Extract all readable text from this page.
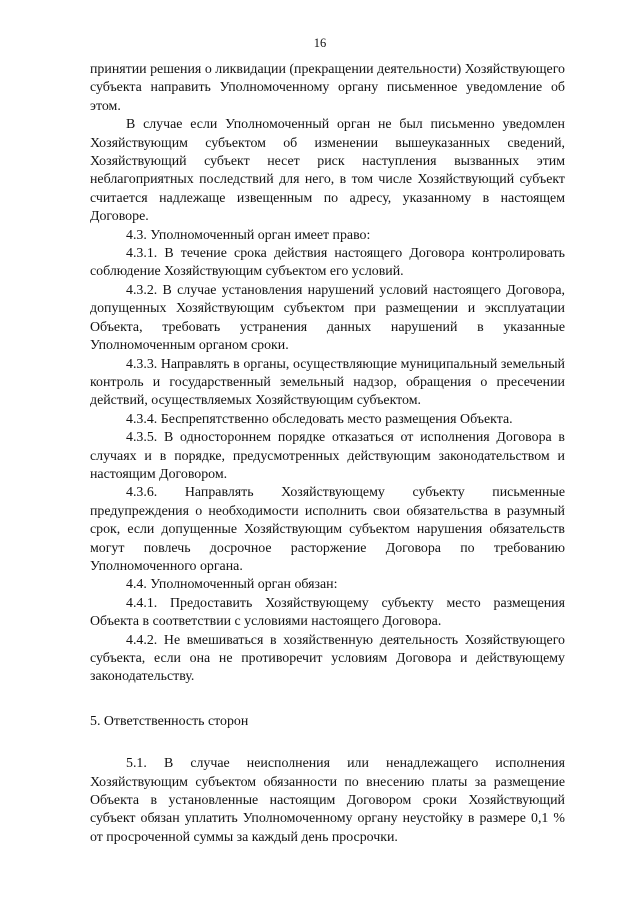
16

принятии решения о ликвидации (прекращении деятельности) Хозяйствующего субъекта направить Уполномоченному органу письменное уведомление об этом.

В случае если Уполномоченный орган не был письменно уведомлен Хозяйствующим субъектом об изменении вышеуказанных сведений, Хозяйствующий субъект несет риск наступления вызванных этим неблагоприятных последствий для него, в том числе Хозяйствующий субъект считается надлежаще извещенным по адресу, указанному в настоящем Договоре.

4.3. Уполномоченный орган имеет право:

4.3.1. В течение срока действия настоящего Договора контролировать соблюдение Хозяйствующим субъектом его условий.

4.3.2. В случае установления нарушений условий настоящего Договора, допущенных Хозяйствующим субъектом при размещении и эксплуатации Объекта, требовать устранения данных нарушений в указанные Уполномоченным органом сроки.

4.3.3. Направлять в органы, осуществляющие муниципальный земельный контроль и государственный земельный надзор, обращения о пресечении действий, осуществляемых Хозяйствующим субъектом.

4.3.4. Беспрепятственно обследовать место размещения Объекта.

4.3.5. В одностороннем порядке отказаться от исполнения Договора в случаях и в порядке, предусмотренных действующим законодательством и настоящим Договором.

4.3.6. Направлять Хозяйствующему субъекту письменные предупреждения о необходимости исполнить свои обязательства в разумный срок, если допущенные Хозяйствующим субъектом нарушения обязательств могут повлечь досрочное расторжение Договора по требованию Уполномоченного органа.

4.4. Уполномоченный орган обязан:

4.4.1. Предоставить Хозяйствующему субъекту место размещения Объекта в соответствии с условиями настоящего Договора.

4.4.2. Не вмешиваться в хозяйственную деятельность Хозяйствующего субъекта, если она не противоречит условиям Договора и действующему законодательству.

5. Ответственность сторон

5.1. В случае неисполнения или ненадлежащего исполнения Хозяйствующим субъектом обязанности по внесению платы за размещение Объекта в установленные настоящим Договором сроки Хозяйствующий субъект обязан уплатить Уполномоченному органу неустойку в размере 0,1 % от просроченной суммы за каждый день просрочки.
